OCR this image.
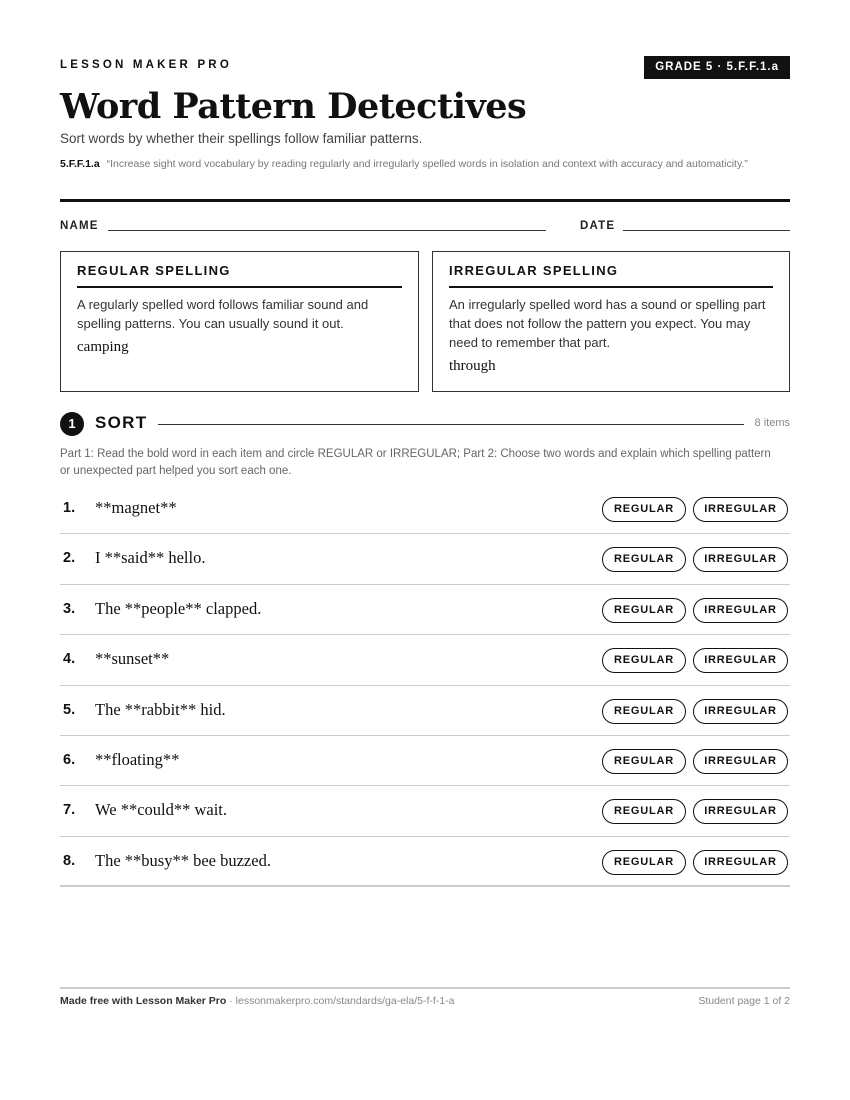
LESSON MAKER PRO	GRADE 5 · 5.F.F.1.a
Word Pattern Detectives
Sort words by whether their spellings follow familiar patterns.
5.F.F.1.a “Increase sight word vocabulary by reading regularly and irregularly spelled words in isolation and context with accuracy and automaticity.”
NAME	DATE
REGULAR SPELLING
A regularly spelled word follows familiar sound and spelling patterns. You can usually sound it out.
camping
IRREGULAR SPELLING
An irregularly spelled word has a sound or spelling part that does not follow the pattern you expect. You may need to remember that part.
through
1	SORT	8 items
Part 1: Read the bold word in each item and circle REGULAR or IRREGULAR; Part 2: Choose two words and explain which spelling pattern or unexpected part helped you sort each one.
1. **magnet**	REGULAR	IRREGULAR
2. I **said** hello.	REGULAR	IRREGULAR
3. The **people** clapped.	REGULAR	IRREGULAR
4. **sunset**	REGULAR	IRREGULAR
5. The **rabbit** hid.	REGULAR	IRREGULAR
6. **floating**	REGULAR	IRREGULAR
7. We **could** wait.	REGULAR	IRREGULAR
8. The **busy** bee buzzed.	REGULAR	IRREGULAR
Made free with Lesson Maker Pro · lessonmakerpro.com/standards/ga-ela/5-f-f-1-a	Student page 1 of 2
